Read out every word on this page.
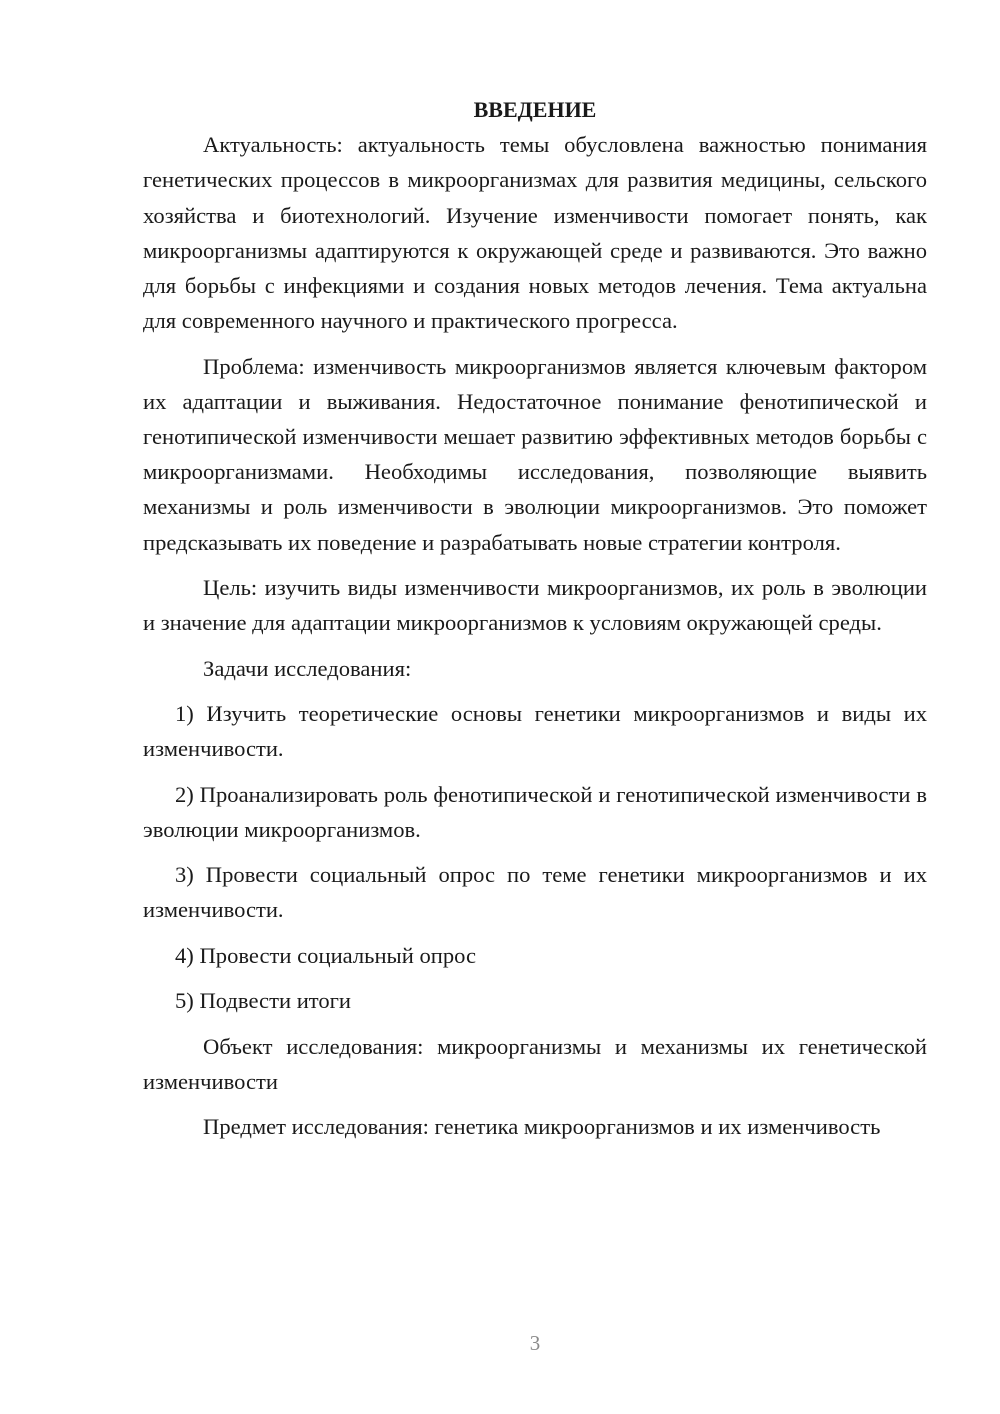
ВВЕДЕНИЕ

Актуальность: актуальность темы обусловлена важностью понимания генетических процессов в микроорганизмах для развития медицины, сельского хозяйства и биотехнологий. Изучение изменчивости помогает понять, как микроорганизмы адаптируются к окружающей среде и развиваются. Это важно для борьбы с инфекциями и создания новых методов лечения. Тема актуальна для современного научного и практического прогресса.

Проблема: изменчивость микроорганизмов является ключевым фактором их адаптации и выживания. Недостаточное понимание фенотипической и генотипической изменчивости мешает развитию эффективных методов борьбы с микроорганизмами. Необходимы исследования, позволяющие выявить механизмы и роль изменчивости в эволюции микроорганизмов. Это поможет предсказывать их поведение и разрабатывать новые стратегии контроля.

Цель: изучить виды изменчивости микроорганизмов, их роль в эволюции и значение для адаптации микроорганизмов к условиям окружающей среды.

Задачи исследования:

1) Изучить теоретические основы генетики микроорганизмов и виды их изменчивости.

2) Проанализировать роль фенотипической и генотипической изменчивости в эволюции микроорганизмов.

3) Провести социальный опрос по теме генетики микроорганизмов и их изменчивости.

4) Провести социальный опрос

5) Подвести итоги

Объект исследования: микроорганизмы и механизмы их генетической изменчивости

Предмет исследования: генетика микроорганизмов и их изменчивость

3
